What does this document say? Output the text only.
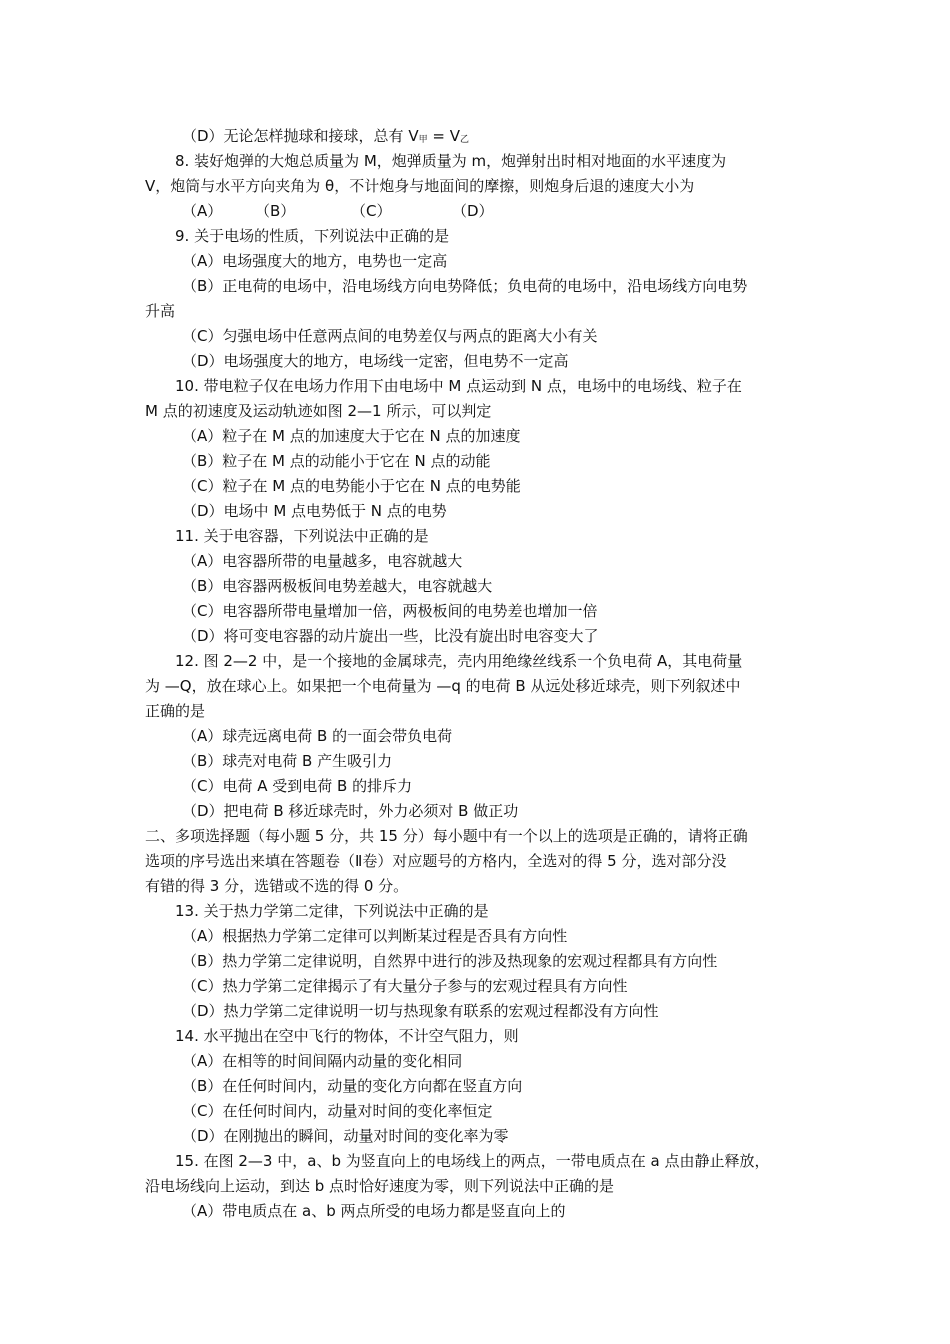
（D）无论怎样抛球和接球，总有 $V_甲 = V_乙$
8. 装好炮弹的大炮总质量为 M，炮弹质量为 m，炮弹射出时相对地面的水平速度为
V，炮筒与水平方向夹角为 θ，不计炮身与地面间的摩擦，则炮身后退的速度大小为
（A） （B）	（C）	（D）
9. 关于电场的性质，下列说法中正确的是
（A）电场强度大的地方，电势也一定高
（B）正电荷的电场中，沿电场线方向电势降低；负电荷的电场中，沿电场线方向电势
升高
（C）匀强电场中任意两点间的电势差仅与两点的距离大小有关
（D）电场强度大的地方，电场线一定密，但电势不一定高
10. 带电粒子仅在电场力作用下由电场中 M 点运动到 N 点，电场中的电场线、粒子在
M 点的初速度及运动轨迹如图 2—1 所示，可以判定
（A）粒子在 M 点的加速度大于它在 N 点的加速度
（B）粒子在 M 点的动能小于它在 N 点的动能
（C）粒子在 M 点的电势能小于它在 N 点的电势能
（D）电场中 M 点电势低于 N 点的电势
11. 关于电容器，下列说法中正确的是
（A）电容器所带的电量越多，电容就越大
（B）电容器两极板间电势差越大，电容就越大
（C）电容器所带电量增加一倍，两极板间的电势差也增加一倍
（D）将可变电容器的动片旋出一些，比没有旋出时电容变大了
12. 图 2—2 中，是一个接地的金属球壳，壳内用绝缘丝线系一个负电荷 A，其电荷量
为 —Q，放在球心上。如果把一个电荷量为 —q 的电荷 B 从远处移近球壳，则下列叙述中
正确的是
（A）球壳远离电荷 B 的一面会带负电荷
（B）球壳对电荷 B 产生吸引力
（C）电荷 A 受到电荷 B 的排斥力
（D）把电荷 B 移近球壳时，外力必须对 B 做正功
二、多项选择题（每小题 5 分，共 15 分）每小题中有一个以上的选项是正确的，请将正确
选项的序号选出来填在答题卷（Ⅱ卷）对应题号的方格内，全选对的得 5 分，选对部分没
有错的得 3 分，选错或不选的得 0 分。
13. 关于热力学第二定律，下列说法中正确的是
（A）根据热力学第二定律可以判断某过程是否具有方向性
（B）热力学第二定律说明，自然界中进行的涉及热现象的宏观过程都具有方向性
（C）热力学第二定律揭示了有大量分子参与的宏观过程具有方向性
（D）热力学第二定律说明一切与热现象有联系的宏观过程都没有方向性
14. 水平抛出在空中飞行的物体，不计空气阻力，则
（A）在相等的时间间隔内动量的变化相同
（B）在任何时间内，动量的变化方向都在竖直方向
（C）在任何时间内，动量对时间的变化率恒定
（D）在刚抛出的瞬间，动量对时间的变化率为零
15. 在图 2—3 中，a、b 为竖直向上的电场线上的两点，一带电质点在 a 点由静止释放，
沿电场线向上运动，到达 b 点时恰好速度为零，则下列说法中正确的是
（A）带电质点在 a、b 两点所受的电场力都是竖直向上的
